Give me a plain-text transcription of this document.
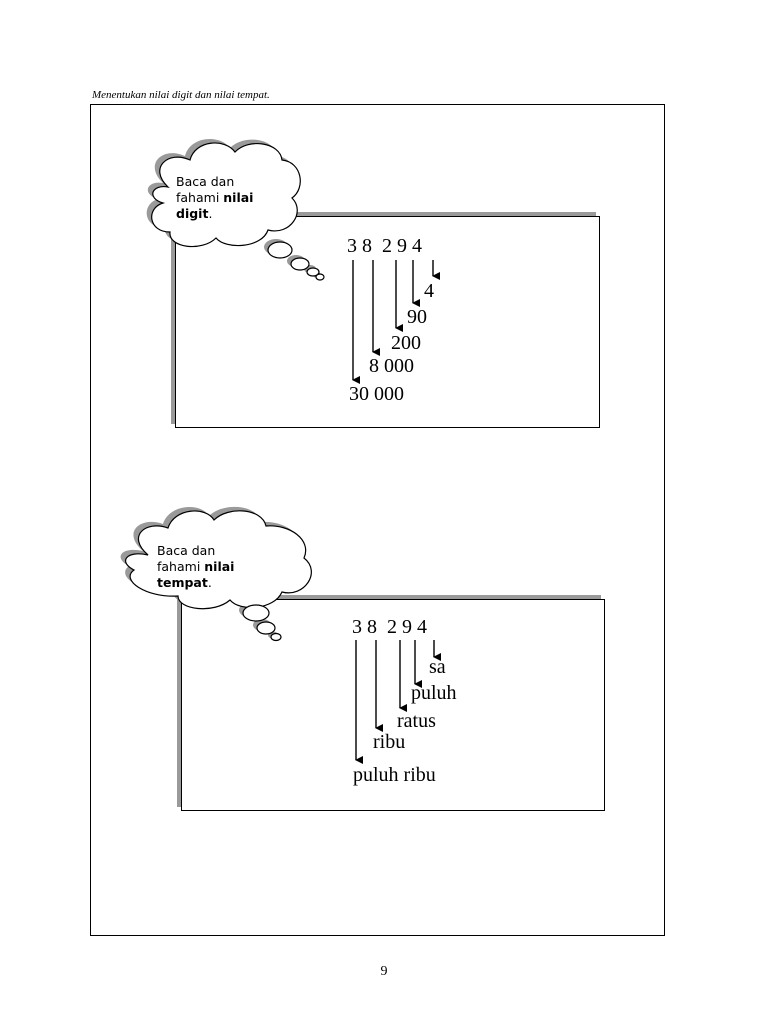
Menentukan nilai digit dan nilai tempat.
Baca dan
fahami nilai
digit.
3 8  2 9 4
4
90
200
8 000
30 000
Baca dan
fahami nilai
tempat.
3 8  2 9 4
sa
puluh
ratus
ribu
puluh ribu
9
